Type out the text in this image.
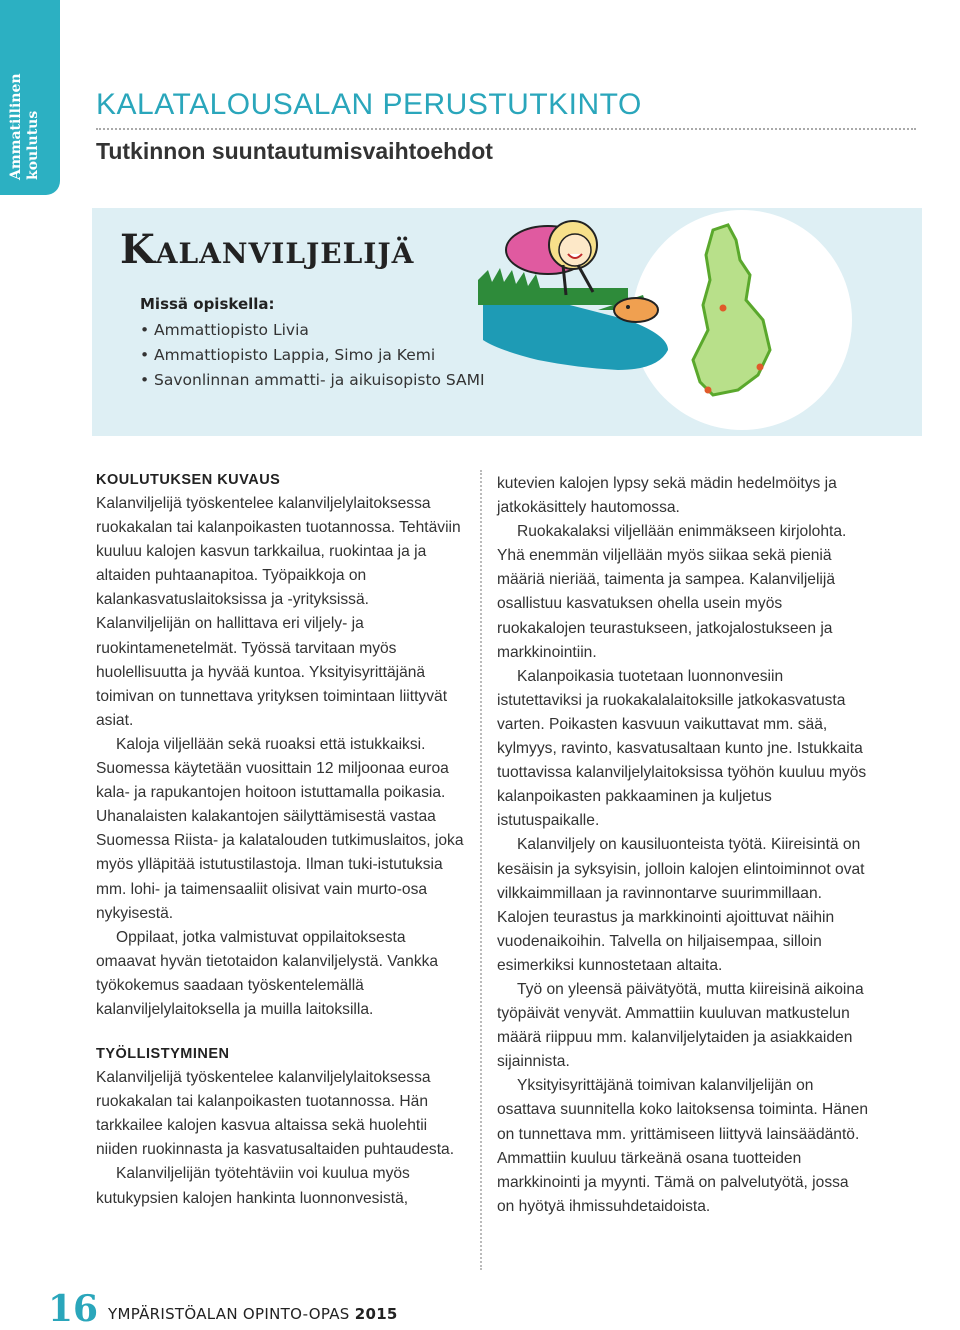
Ammatillinen koulutus
KALATALOUSALAN PERUSTUTKINTO
Tutkinnon suuntautumisvaihtoehdot
Kalanviljelijä
Missä opiskella:
• Ammattiopisto Livia
• Ammattiopisto Lappia, Simo ja Kemi
• Savonlinnan ammatti- ja aikuisopisto SAMI
KOULUTUKSEN KUVAUS

Kalanviljelijä työskentelee kalanviljelylaitoksessa ruokakalan tai kalanpoikasten tuotannossa. Tehtäviin kuuluu kalojen kasvun tarkkailua, ruokintaa ja ja altaiden puhtaanapitoa. Työpaikkoja on kalankasvatuslaitoksissa ja -yrityksissä. Kalanviljelijän on hallittava eri viljely- ja ruokintamenetelmät. Työssä tarvitaan myös huolellisuutta ja hyvää kuntoa. Yksityisyrittäjänä toimivan on tunnettava yrityksen toimintaan liittyvät asiat.

Kaloja viljellään sekä ruoaksi että istukkaiksi. Suomessa käytetään vuosittain 12 miljoonaa euroa kala- ja rapukantojen hoitoon istuttamalla poikasia. Uhanalaisten kalakantojen säilyttämisestä vastaa Suomessa Riista- ja kalatalouden tutkimuslaitos, joka myös ylläpitää istutustilastoja. Ilman tuki-istutuksia mm. lohi- ja taimensaaliit olisivat vain murto-osa nykyisestä.

Oppilaat, jotka valmistuvat oppilaitoksesta omaavat hyvän tietotaidon kalanviljelystä. Vankka työkokemus saadaan työskentelemällä kalanviljelylaitoksella ja muilla laitoksilla.

TYÖLLISTYMINEN

Kalanviljelijä työskentelee kalanviljelylaitoksessa ruokakalan tai kalanpoikasten tuotannossa. Hän tarkkailee kalojen kasvua altaissa sekä huolehtii niiden ruokinnasta ja kasvatusaltaiden puhtaudesta.

Kalanviljelijän työtehtäviin voi kuulua myös kutukypsien kalojen hankinta luonnonvesistä,

kutevien kalojen lypsy sekä mädin hedelmöitys ja jatkokäsittely hautomossa.

Ruokakalaksi viljellään enimmäkseen kirjolohta. Yhä enemmän viljellään myös siikaa sekä pieniä määriä nieriää, taimenta ja sampea. Kalanviljelijä osallistuu kasvatuksen ohella usein myös ruokakalojen teurastukseen, jatkojalostukseen ja markkinointiin.

Kalanpoikasia tuotetaan luonnonvesiin istutettaviksi ja ruokakalalaitoksille jatkokasvatusta varten. Poikasten kasvuun vaikuttavat mm. sää, kylmyys, ravinto, kasvatusaltaan kunto jne. Istukkaita tuottavissa kalanviljelylaitoksissa työhön kuuluu myös kalanpoikasten pakkaaminen ja kuljetus istutuspaikalle.

Kalanviljely on kausiluonteista työtä. Kiireisintä on kesäisin ja syksyisin, jolloin kalojen elintoiminnot ovat vilkkaimmillaan ja ravinnontarve suurimmillaan. Kalojen teurastus ja markkinointi ajoittuvat näihin vuodenaikoihin. Talvella on hiljaisempaa, silloin esimerkiksi kunnostetaan altaita.

Työ on yleensä päivätyötä, mutta kiireisinä aikoina työpäivät venyvät. Ammattiin kuuluvan matkustelun määrä riippuu mm. kalanviljelytaiden ja asiakkaiden sijainnista.

Yksityisyrittäjänä toimivan kalanviljelijän on osattava suunnitella koko laitoksensa toiminta. Hänen on tunnettava mm. yrittämiseen liittyvä lainsäädäntö. Ammattiin kuuluu tärkeänä osana tuotteiden markkinointi ja myynti. Tämä on palvelutyötä, jossa on hyötyä ihmissuhdetaidoista.

16 YMPÄRISTÖALAN OPINTO-OPAS 2015
